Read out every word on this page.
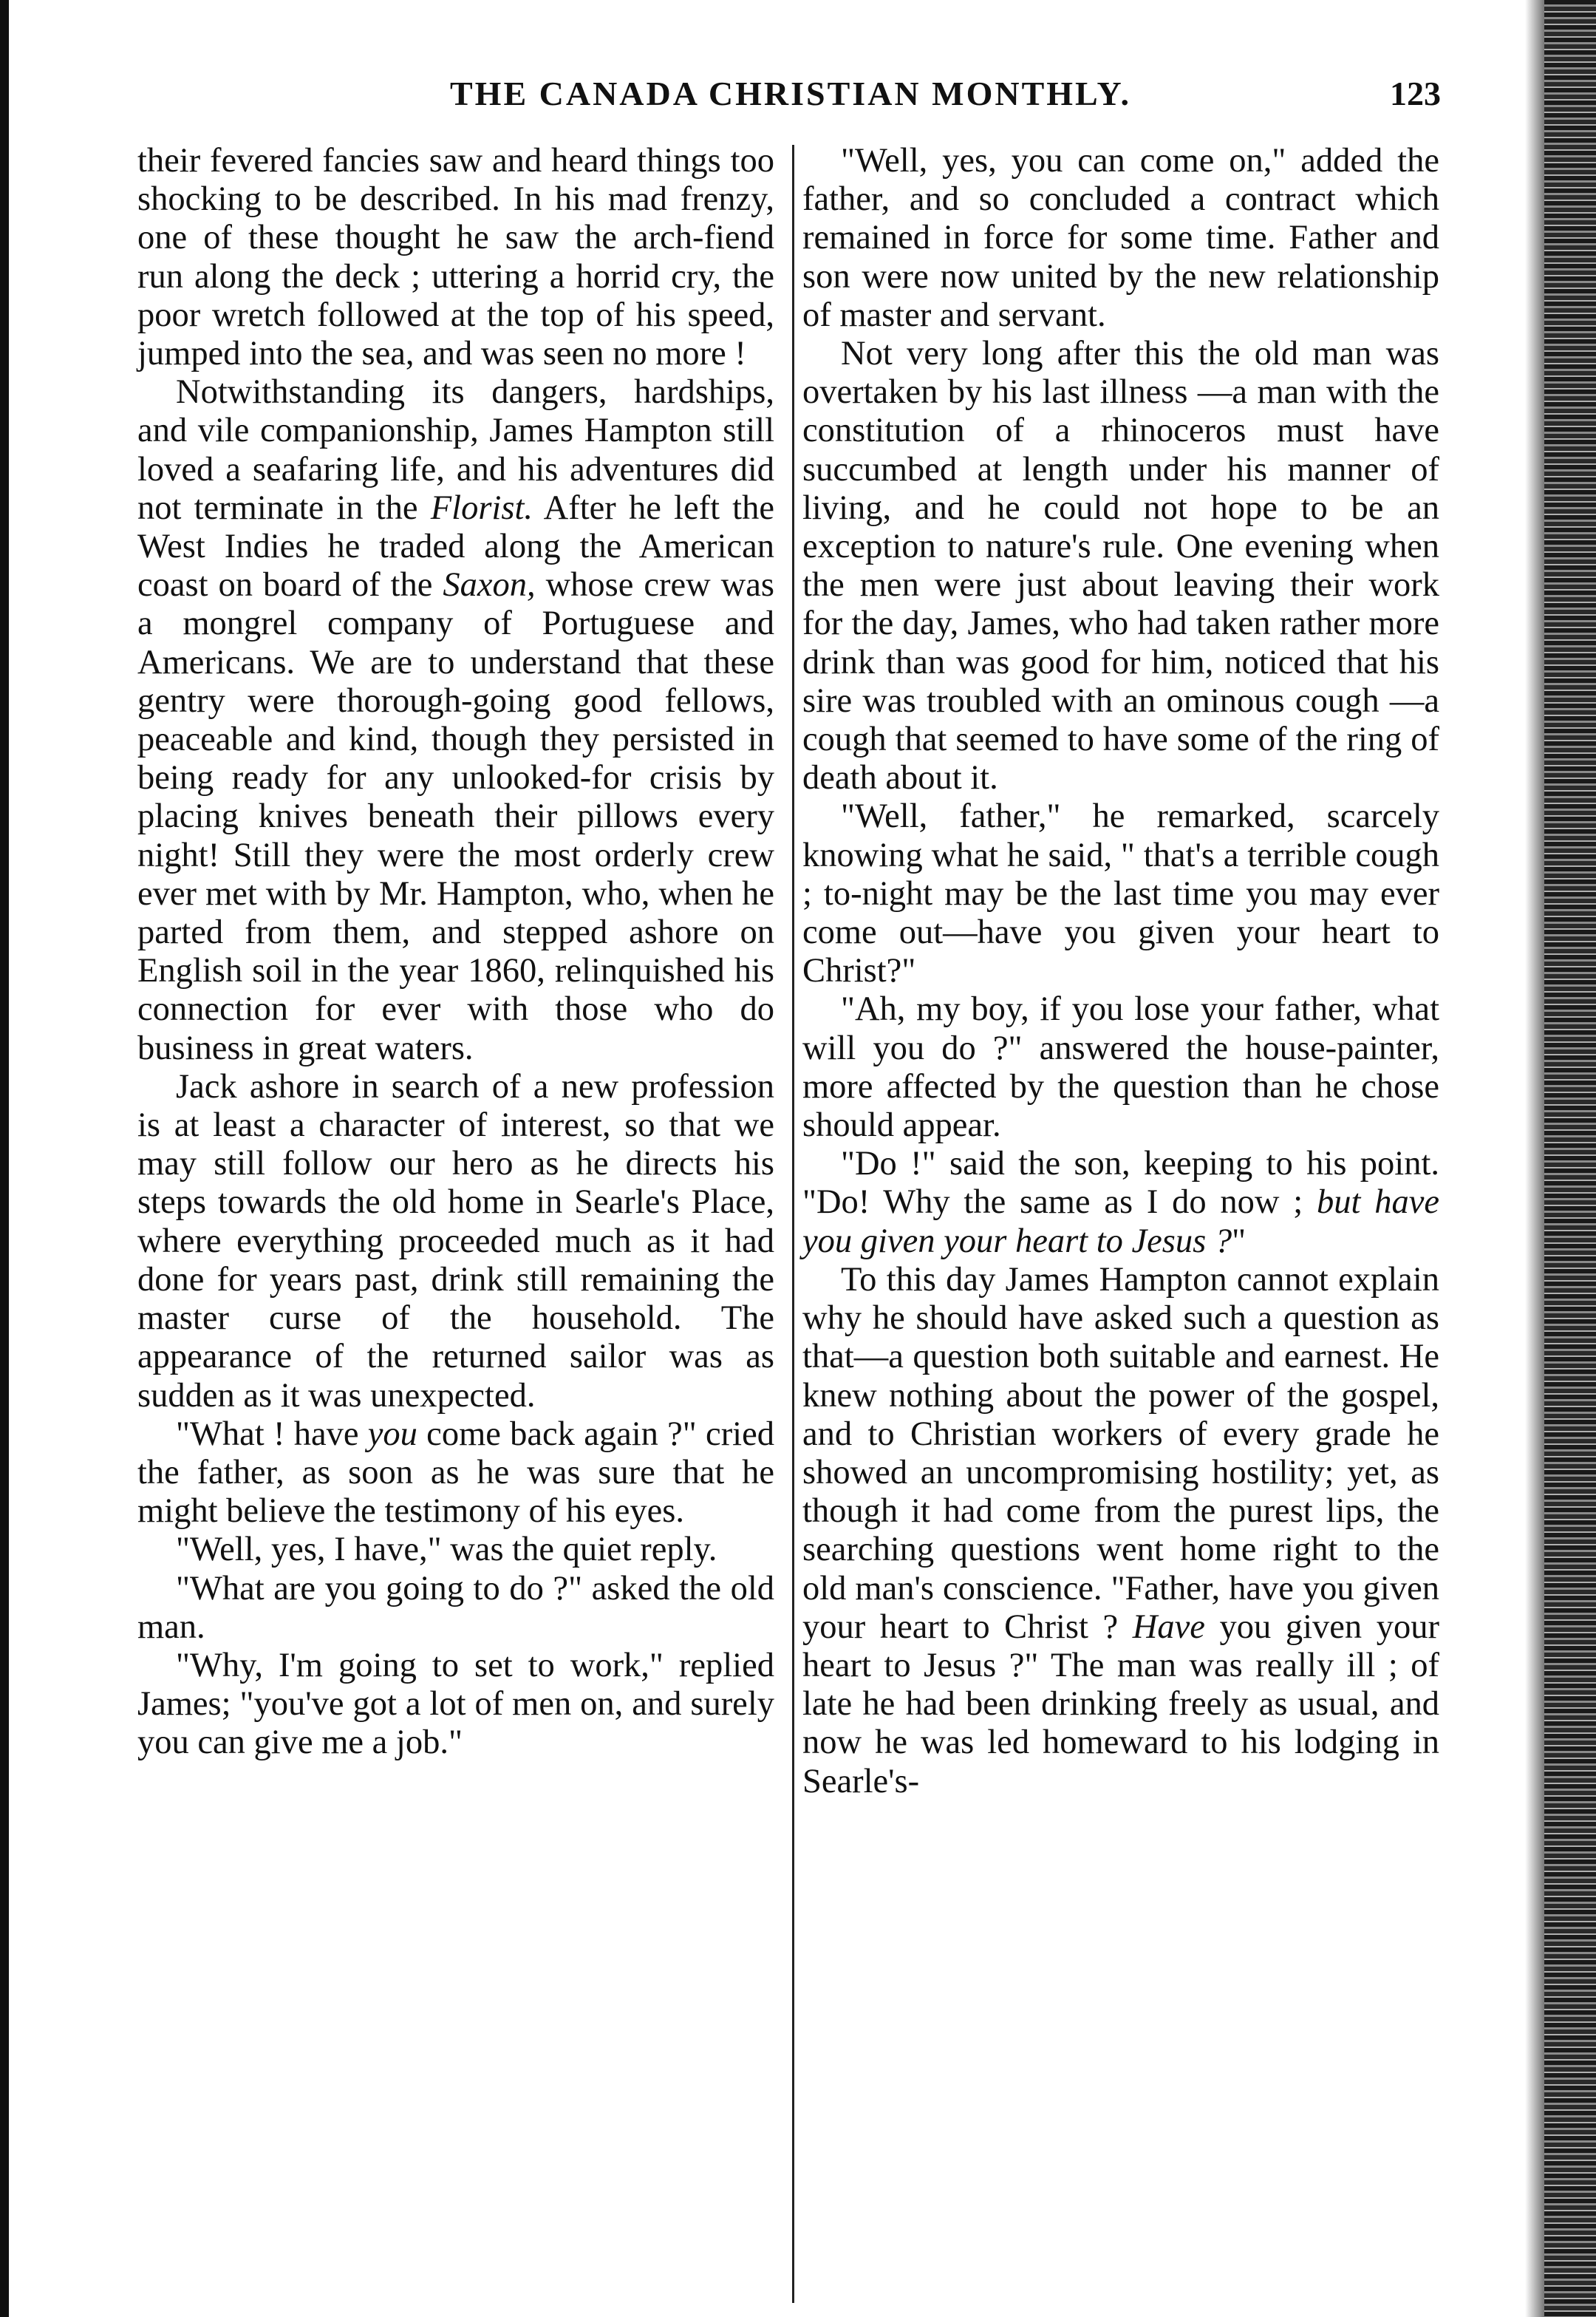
THE CANADA CHRISTIAN MONTHLY.	123

their fevered fancies saw and heard things too shocking to be described. In his mad frenzy, one of these thought he saw the arch-fiend run along the deck ; uttering a horrid cry, the poor wretch followed at the top of his speed, jumped into the sea, and was seen no more !

Notwithstanding its dangers, hardships, and vile companionship, James Hampton still loved a seafaring life, and his adventures did not terminate in the Florist. After he left the West Indies he traded along the American coast on board of the Saxon, whose crew was a mongrel company of Portuguese and Americans. We are to understand that these gentry were thorough-going good fellows, peaceable and kind, though they persisted in being ready for any unlooked-for crisis by placing knives beneath their pillows every night! Still they were the most orderly crew ever met with by Mr. Hampton, who, when he parted from them, and stepped ashore on English soil in the year 1860, relinquished his connection for ever with those who do business in great waters.

Jack ashore in search of a new profession is at least a character of interest, so that we may still follow our hero as he directs his steps towards the old home in Searle's Place, where everything proceeded much as it had done for years past, drink still remaining the master curse of the household. The appearance of the returned sailor was as sudden as it was unexpected.

"What ! have you come back again ?" cried the father, as soon as he was sure that he might believe the testimony of his eyes.

"Well, yes, I have," was the quiet reply.

"What are you going to do ?" asked the old man.

"Why, I'm going to set to work," replied James; "you've got a lot of men on, and surely you can give me a job."

"Well, yes, you can come on," added the father, and so concluded a contract which remained in force for some time. Father and son were now united by the new relationship of master and servant.

Not very long after this the old man was overtaken by his last illness —a man with the constitution of a rhinoceros must have succumbed at length under his manner of living, and he could not hope to be an exception to nature's rule. One evening when the men were just about leaving their work for the day, James, who had taken rather more drink than was good for him, noticed that his sire was troubled with an ominous cough —a cough that seemed to have some of the ring of death about it.

"Well, father," he remarked, scarcely knowing what he said, " that's a terrible cough ; to-night may be the last time you may ever come out—have you given your heart to Christ?"

"Ah, my boy, if you lose your father, what will you do ?" answered the house-painter, more affected by the question than he chose should appear.

"Do !" said the son, keeping to his point. "Do! Why the same as I do now ; but have you given your heart to Jesus ?"

To this day James Hampton cannot explain why he should have asked such a question as that—a question both suitable and earnest. He knew nothing about the power of the gospel, and to Christian workers of every grade he showed an uncompromising hostility; yet, as though it had come from the purest lips, the searching questions went home right to the old man's conscience. "Father, have you given your heart to Christ ? Have you given your heart to Jesus ?" The man was really ill ; of late he had been drinking freely as usual, and now he was led homeward to his lodging in Searle's-
